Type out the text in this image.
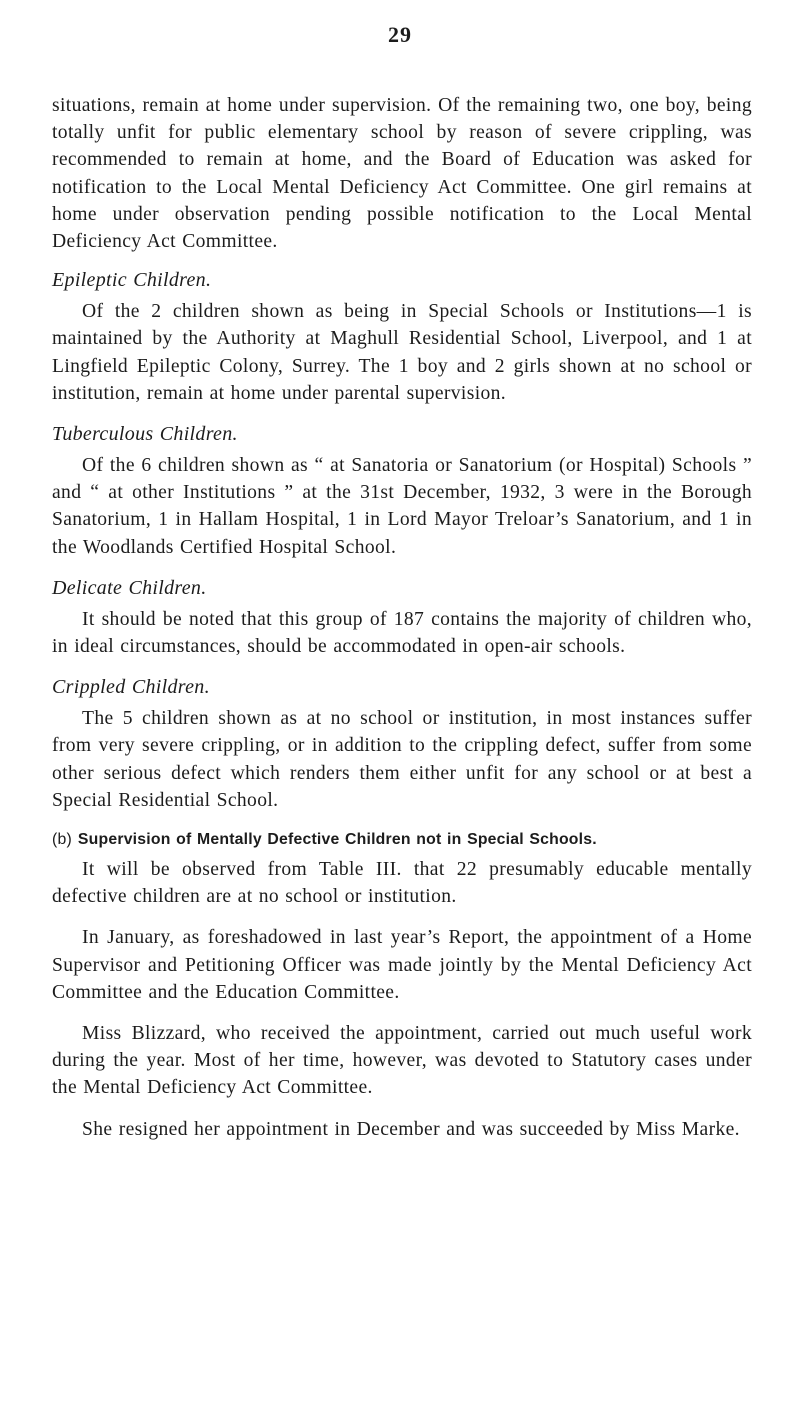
29

situations, remain at home under supervision. Of the remaining two, one boy, being totally unfit for public elementary school by reason of severe crippling, was recommended to remain at home, and the Board of Education was asked for notification to the Local Mental Deficiency Act Committee. One girl remains at home under observation pending possible notification to the Local Mental Deficiency Act Committee.

Epileptic Children.

Of the 2 children shown as being in Special Schools or Institutions—1 is maintained by the Authority at Maghull Residential School, Liverpool, and 1 at Lingfield Epileptic Colony, Surrey. The 1 boy and 2 girls shown at no school or institution, remain at home under parental supervision.

Tuberculous Children.

Of the 6 children shown as “ at Sanatoria or Sanatorium (or Hospital) Schools ” and “ at other Institutions ” at the 31st December, 1932, 3 were in the Borough Sanatorium, 1 in Hallam Hospital, 1 in Lord Mayor Treloar’s Sanatorium, and 1 in the Woodlands Certified Hospital School.

Delicate Children.

It should be noted that this group of 187 contains the majority of children who, in ideal circumstances, should be accommodated in open-air schools.

Crippled Children.

The 5 children shown as at no school or institution, in most instances suffer from very severe crippling, or in addition to the crippling defect, suffer from some other serious defect which renders them either unfit for any school or at best a Special Residential School.

(b) Supervision of Mentally Defective Children not in Special Schools.

It will be observed from Table III. that 22 presumably educable mentally defective children are at no school or institution.

In January, as foreshadowed in last year’s Report, the appointment of a Home Supervisor and Petitioning Officer was made jointly by the Mental Deficiency Act Committee and the Education Committee.

Miss Blizzard, who received the appointment, carried out much useful work during the year. Most of her time, however, was devoted to Statutory cases under the Mental Deficiency Act Committee.

She resigned her appointment in December and was succeeded by Miss Marke.
